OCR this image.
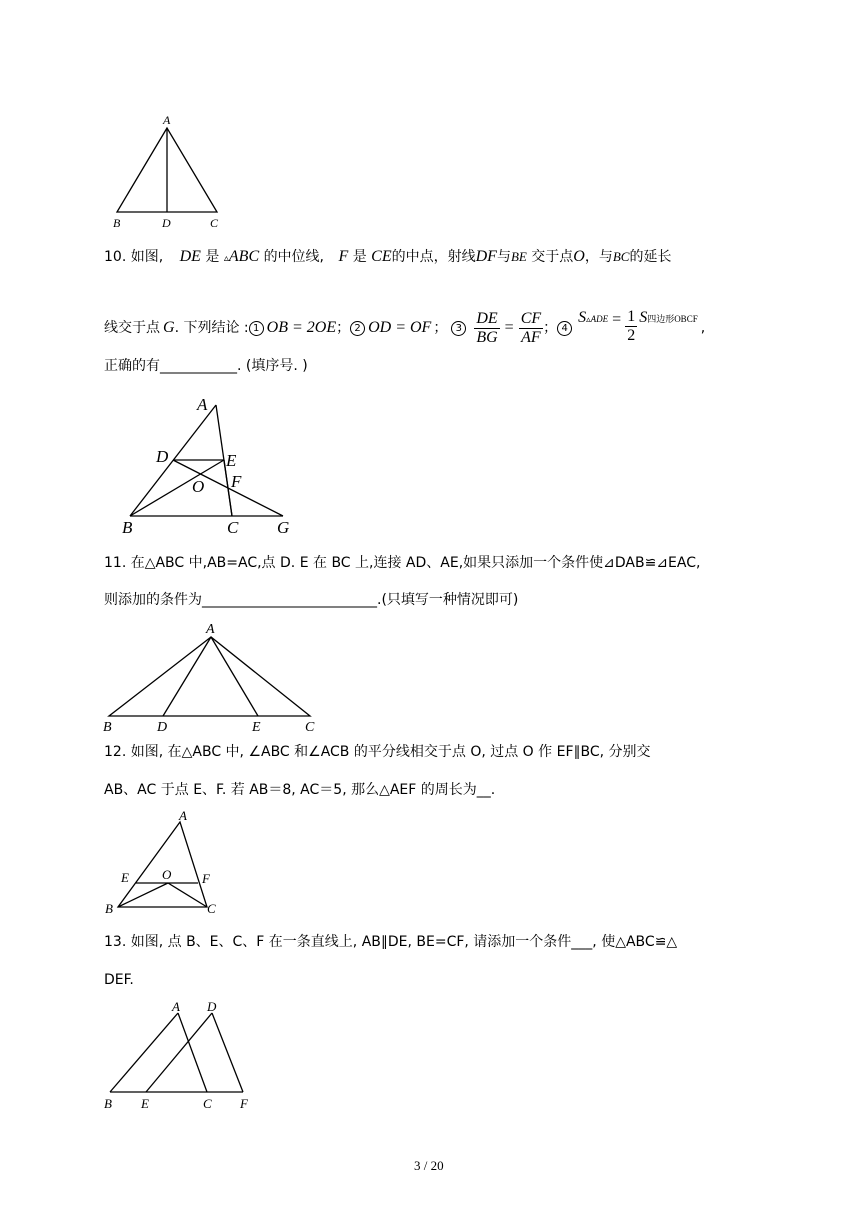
A
B	D	C
10. 如图, DE 是 ▵ABC 的中位线, F 是 CE的中点，射线DF与BE 交于点O，与BC的延长
线交于点 G . 下列结论 : 1 OB = 2OE ； 2 OD = OF ； $3 \frac{DE}{BG} = \frac{CF}{AF}$ ； 4
S▵ADE = $\frac{1}{2}$ S四边形OBCF
,
正确的有___________. (填序号. )
A
D	E
O F
B	C G
11. 在△ABC 中,AB=AC,点 D. E 在 BC 上,连接 AD、AE,如果只添加一个条件使⊿DAB≌⊿EAC,
则添加的条件为_________________________.(只填写一种情况即可)
A
B	D	E	C
12. 如图, 在△ABC 中, ∠ABC 和∠ACB 的平分线相交于点 O, 过点 O 作 EF∥BC, 分别交
AB、AC 于点 E、F. 若 AB＝8, AC＝5, 那么△AEF 的周长为__.
A
E	O F
B	C
13. 如图, 点 B、E、C、F 在一条直线上, AB∥DE, BE=CF, 请添加一个条件___, 使△ABC≌△
DEF.
A D
B E	C F
3 / 20
